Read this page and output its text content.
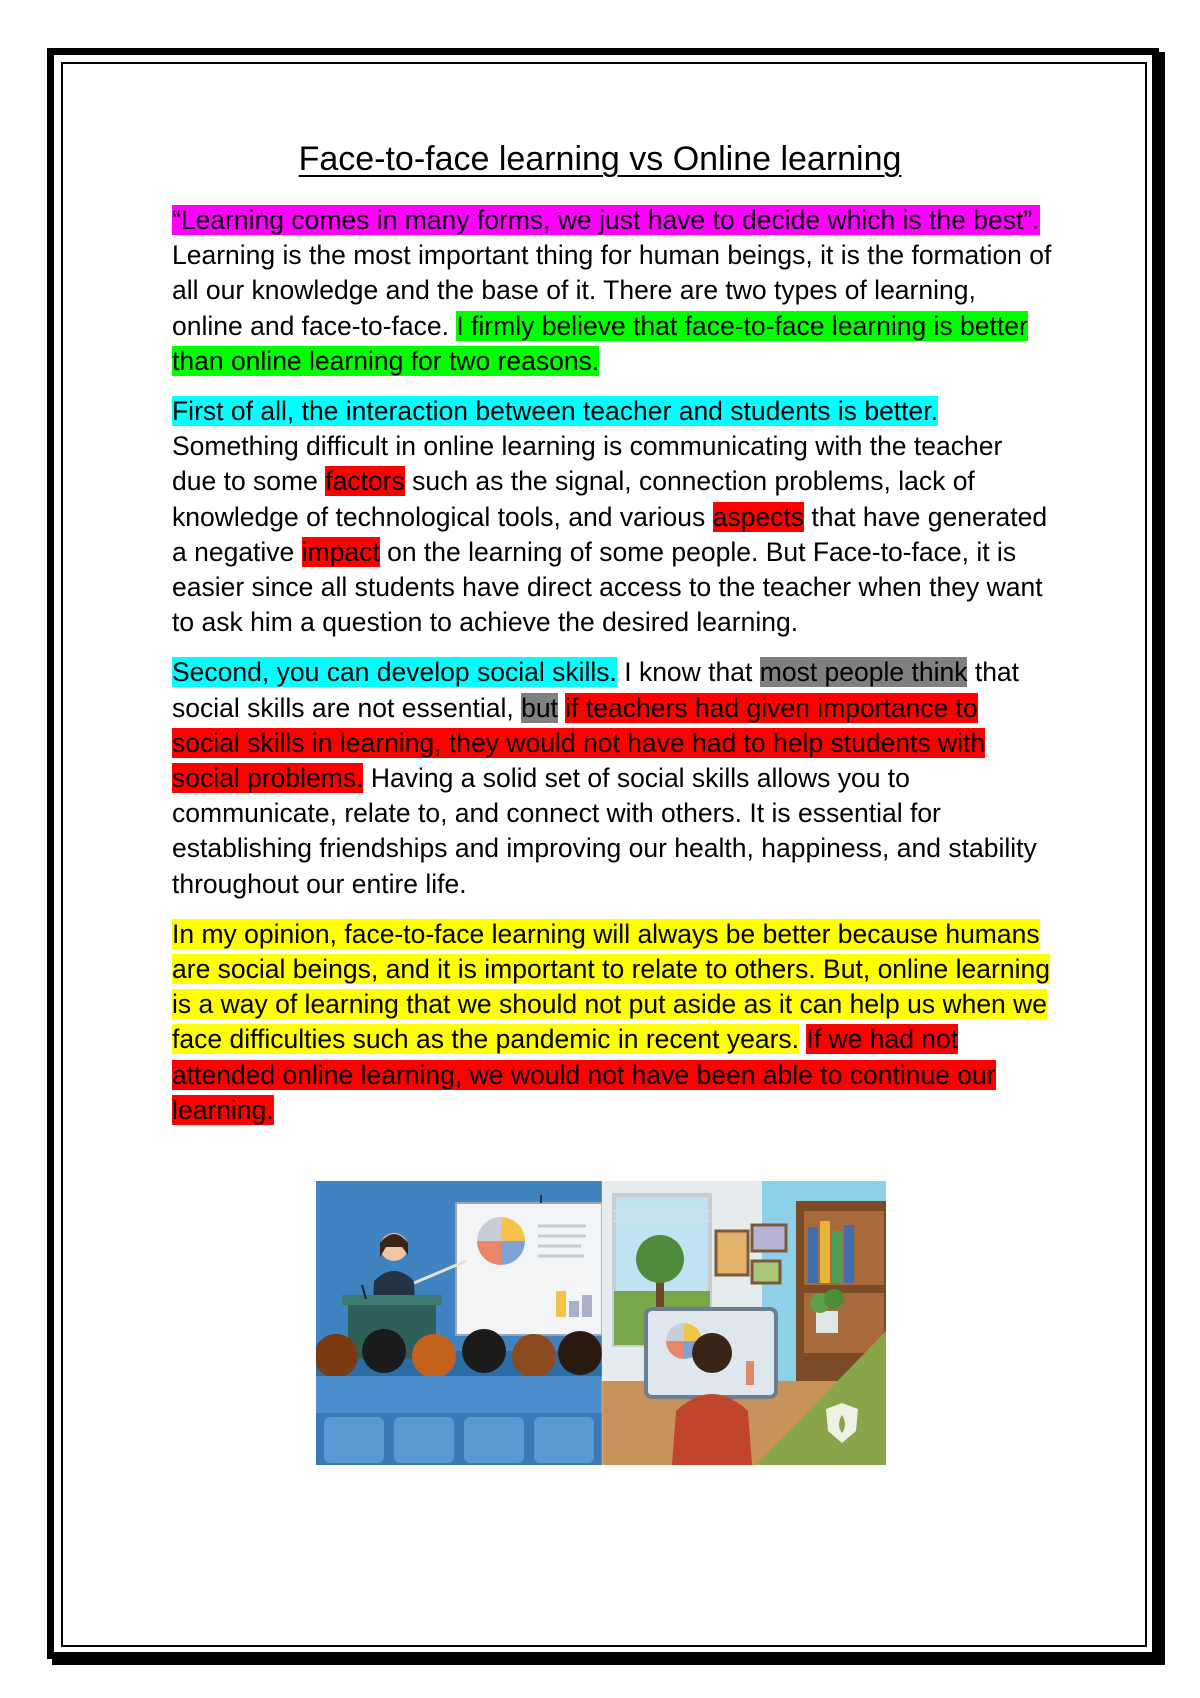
Face-to-face learning vs Online learning

“Learning comes in many forms, we just have to decide which is the best”. Learning is the most important thing for human beings, it is the formation of all our knowledge and the base of it. There are two types of learning, online and face-to-face. I firmly believe that face-to-face learning is better than online learning for two reasons.

First of all, the interaction between teacher and students is better. Something difficult in online learning is communicating with the teacher due to some factors such as the signal, connection problems, lack of knowledge of technological tools, and various aspects that have generated a negative impact on the learning of some people. But Face-to-face, it is easier since all students have direct access to the teacher when they want to ask him a question to achieve the desired learning.

Second, you can develop social skills. I know that most people think that social skills are not essential, but if teachers had given importance to social skills in learning, they would not have had to help students with social problems. Having a solid set of social skills allows you to communicate, relate to, and connect with others. It is essential for establishing friendships and improving our health, happiness, and stability throughout our entire life.

In my opinion, face-to-face learning will always be better because humans are social beings, and it is important to relate to others. But, online learning is a way of learning that we should not put aside as it can help us when we face difficulties such as the pandemic in recent years. If we had not attended online learning, we would not have been able to continue our learning.
